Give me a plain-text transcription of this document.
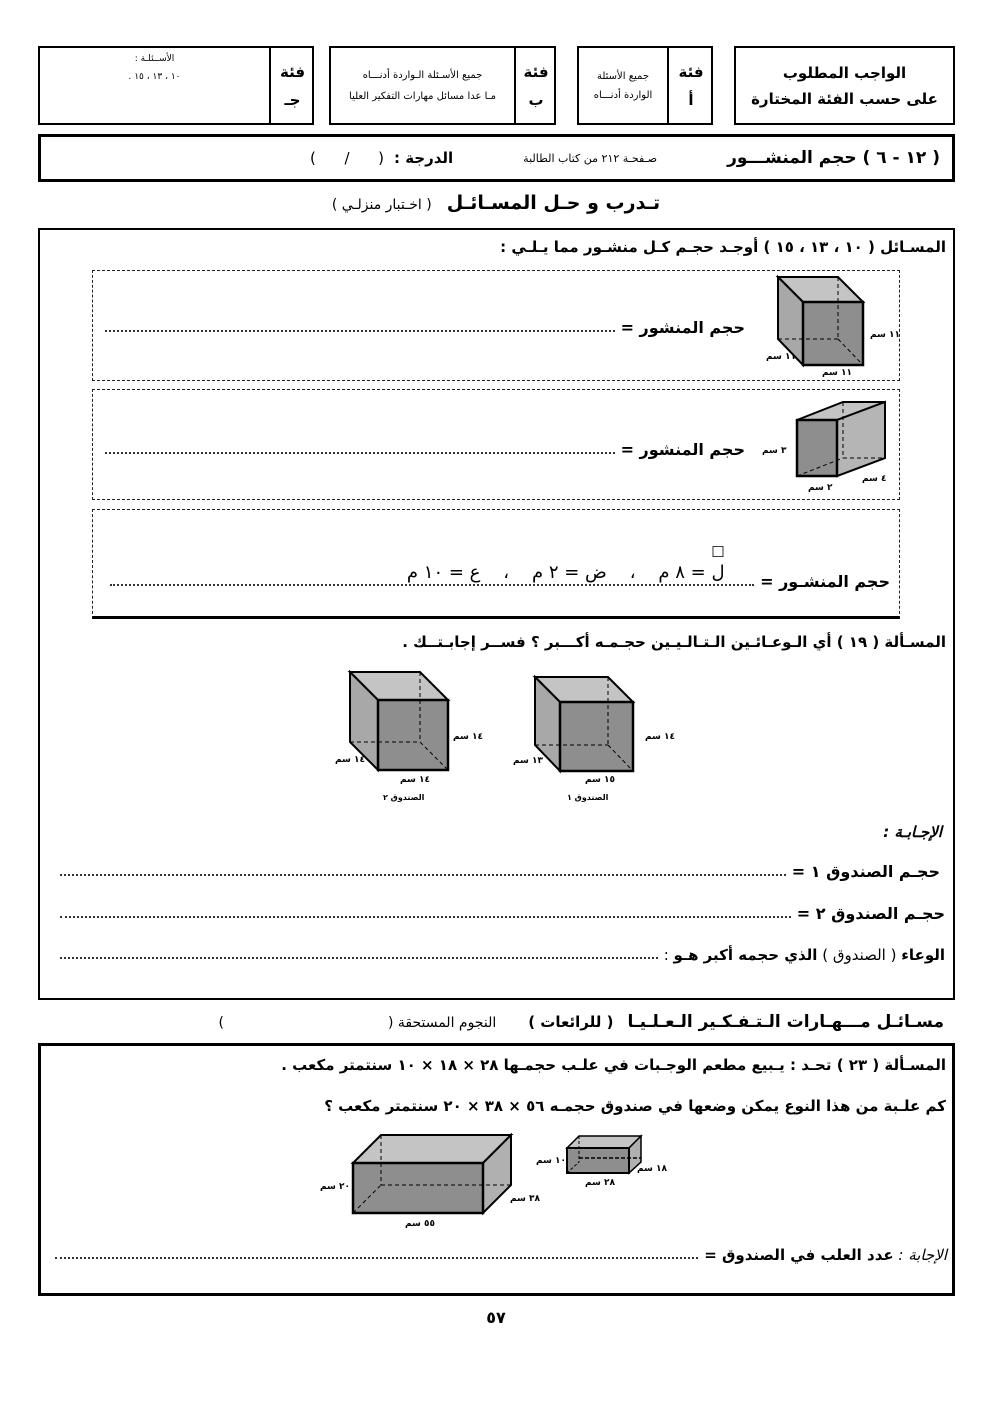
الواجب المطلوب
على حسب الفئة المختارة
جميع الأسئلة
الواردة أدنـــاه
فئة
أ
جميع الأسـئلة الـواردة أدنـــاه
مـا عدا مسائل مهارات التفكير العليا
فئة
ب
الأســئلـة :
١٠ ، ١٣ ، ١٥ .	فئة
جـ
( ١٢ - ٦ ) حجم المنشـــور
صـفحـة ٢١٢ من كتاب الطالبة
الدرجة :
(      /      )
تـدرب و حـل المسـائـل ( اخـتبار منزلـي )
المسـائل ( ١٠ ، ١٣ ، ١٥ ) أوجـد حجـم كـل منشـور مما يـلـي :
حجم المنشور =	١١ سم
١١ سم
١١ سم
حجم المنشور = ٣ سم
٤ سم
٢ سم

☐
ل = ٨ م    ،    ض = ٢ م    ،    ع = ١٠ م	حجم المنشـور =
المسـألة ( ١٩ ) أي الـوعـائـين الـتـالـيـين حجـمـه أكـــبر ؟ فســر إجابـتــك .
١٤ سم
١٣ سم
١٥ سم
الصندوق ١
١٤ سم
١٤ سم
١٤ سم
الصندوق ٢
الإجـابـة :
حجـم الصندوق ١ =
حجـم الصندوق ٢ =
الوعاء ( الصندوق ) الذي حجمه أكبر هـو :
مسـائـل مـــهـارات الـتـفـكـير الـعـلـيـا
( للرائعات )
النجوم المستحقة (
)
المسـألة ( ٢٣ ) تحـد : يـبيع مطعم الوجـبات في علـب حجمـها ٢٨ × ١٨ × ١٠ سنتمتر مكعب .
كم علـبة من هذا النوع يمكن وضعها في صندوق حجمـه ٥٦ × ٣٨ × ٢٠ سنتمتر مكعب ؟
٢٠ سم
٣٨ سم
٥٥ سم
١٠ سم
١٨ سم
٢٨ سم
الإجابة : عدد العلب في الصندوق =
٥٧
